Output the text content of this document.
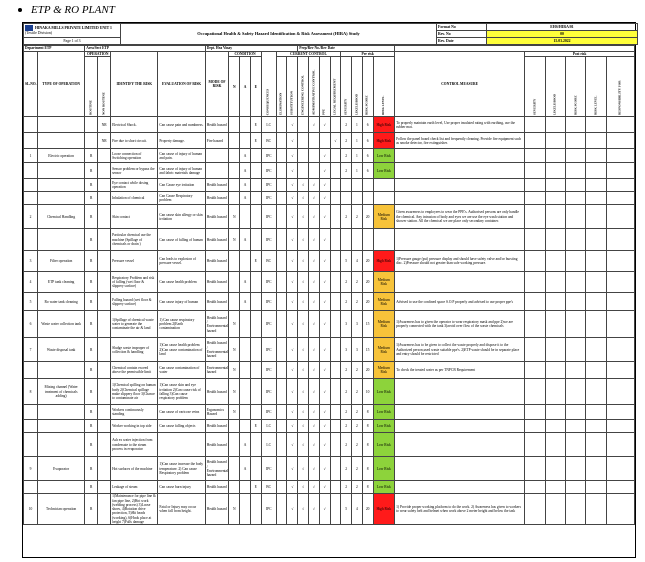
ETP & RO PLANT
HINAKA MILLS PRIVATE LIMITED UNIT 1
(Textile Division)	Occupational Health & Safety Hazard Identification & Risk Assessment (HIRA) Study	Format No	EHS/HIRA/01
		Rev. No	00
Page 1 of 3		Rev. Date	15.03.2022
Department ETP		Area/Sect ETP				Dept. Hea Vinay							Prep/Rev No./Rev Date													
SL.NO.	TYPE OF OPERATION	OPERATION		IDENTIFY THE RISK	EVALUATION OF RISK	MODE OF RISK	CONDITION			CONSEQUENCES	CURRENT CONTROL						Pre risk				CONTROL MEASURE	Post risk				
		ROUTINE	NON ROUTINE				N	A	E		ELIMINATION	SUBSTITUTION	ENGINEERING CONTROL	ADMINISTRATIVE CONTROL	PPE	LEGAL REQUIREMENT	SEVERITY	LIKELIHOOD	RISK SCORE	RISK LEVEL		SEVERITY	LIKELIHOOD	RISK SCORE	RISK LEVEL	RESPONSIBILITY FOR
			NR	Electrical Shock.	Can cause pain and numbness.	Health hazard			E	LC		√		√	√		2	1	6	High Risk	To properly maintain earth level, Use proper insulated rating with earthing, use the rubber mat.					
			NR	Fire due to short circuit.	Property damage.	Fire hazard			E	BC		√				√	2	1	6	High Risk	Follow the panel board check list and frequently cleaning. Provide fire equipment such as smoke detector, fire extinguisher.					
1	Electric operation	R		Loose connection of Switching operation	Can cause of injury of human and pain.			A		IPC		√			√		2	1	6	Low Risk						
		R		Sensor problem or bypass the sensor	Can cause of injury of human and fabric materials damage			A		IPC		√			√		2	1	6	Low Risk						
		R		Eye contact while dosing operation	Can Cause eye irritation	Health hazard		A		IPC		√	√	√	√											
		R		Inhalation of chemical	Can Cause Respiratory problem	Health hazard		A		IPC		√	√	√	√											
2	Chemical Handling	R		Skin contact	Can cause skin allergy or skin irritation	Health hazard	N			IPC		√	√	√	√		2	2	20	Medium Risk	Given awareness to employees to wear the PPE's. Authorised persons are only handle the chemical. Any intrusion of body and eyes we are use the eye wash station and shower station. All the chemical we are place only secondary container.					
		R		Particular chemical use the machine (Spillage of chemicals or drain )	Can cause of falling of human	Health hazard	N	A		IPC		√	√	√	√											
3	Filter operation	R		Pressure vessel	Can leads to explosion of pressure vessel.	Health hazard			E	BC		√	√	√	√		5	4	20	High Risk	1)Pressure gauge (psi) pressure display and should have safety valve and/or bursting disc. 2)Pressure should not greater than safe working pressure.					
4	ETP tank cleaning	R		Respiratory Problem and risk of falling (wet floor & slippery surface)	Can cause health problem	Health hazard		A		IPC		√	√	√	√		2	2	20	Medium Risk						
5	Ro water tank cleaning	R		Falling hazard (wet floor & slippery surface)	Can cause injury of human	Health hazard		A		IPC		√	√	√	√		2	2	20	Medium Risk	Advised to use the confined space S.O.P properly and advised to use proper ppe's					
6	Waste water collection tank	R		1)Spillage of chemical waste water to generate the contaminate the air & land	1) Can cause respiratory problem 2)Earth contamination	Health hazard / Environmental hazard	N			IPC		√	√	√	√		3	3	15	Medium Risk	1)Awareness has to given the operator to wear respiratory mask and ppe 2)we are properly connected with the tank 3)avoid over flow of the waste chemicals					
7	Waste disposal tank	R		Sludge waste improper of collection & handling	1)Can cause health problem 2)Can cause contamination of land	Health hazard / Environmental hazard	N			IPC		√	√	√	√		3	3	15	Medium Risk	1)Awareness has to be given to collect the waste properly and dispose it to the Authorized person,used waste suitable ppe's. 2)ETP waste should be in separate place and entry should be restricted					
		R		Chemical contain exceed above the permissible limit	Can cause contamination of water	Environmental hazard	N			IPC		√	√	√	√		2	2	20	Medium Risk	To check the treated water as per TNPCB Requirement					
8	Mixing channel (Water treatment of chemicals adding)	R		1)Chemical spilling on human body 2)Chemical spillage make slippery floor 3)Chance to contaminate air	1)Can cause skin and eye irritation 2)Can cause risk of falling 3)Can cause respiratory problem	Health hazard	N			IPC		√	√	√	√		2	2	10	Low Risk						
		R		Workers continuously standing	Can cause of varicose veins	Ergonomics Hazard	N			IPC		√	√	√	√		2	2	8	Low Risk						
		R		Worker working in top side	Can cause falling objects	Health hazard			E	LC		√	√	√	√		2	2	8	Low Risk						
		R		Ash ex water injection from condensate to the steam process in evaporator		Health hazard		A		LC		√	√	√	√		2	2	8	Low Risk						
9	Evaporator	R		Hot surfaces of the machine	1)Can cause increase the body temperature. 2) Can cause Respiratory problem	Health hazard / Environmental hazard		A		IPC		√	√	√	√		2	2	8	Low Risk						
		R		Leakage of steam	Can cause burn injury	Health hazard			E	BC		√	√	√	√		2	2	8	Low Risk						
10	Technician operation	R		1)Maintenance for pipe line & fan pipe line, 2)Hot work (welding process) 3)Loose shoes, 4)Rotation drive protection, 5)Hit heads (working), 6)Hook place at height 7)Falls damage	Fatal or Injury may occur when fall from height.	Health hazard	N			IPC		√	√	√	√		5	4	20	High Risk	1) Provide proper working platform to do the work. 2) Awareness has given to workers to wear safety belt and helmet when work above 2 meter height and below the task					
